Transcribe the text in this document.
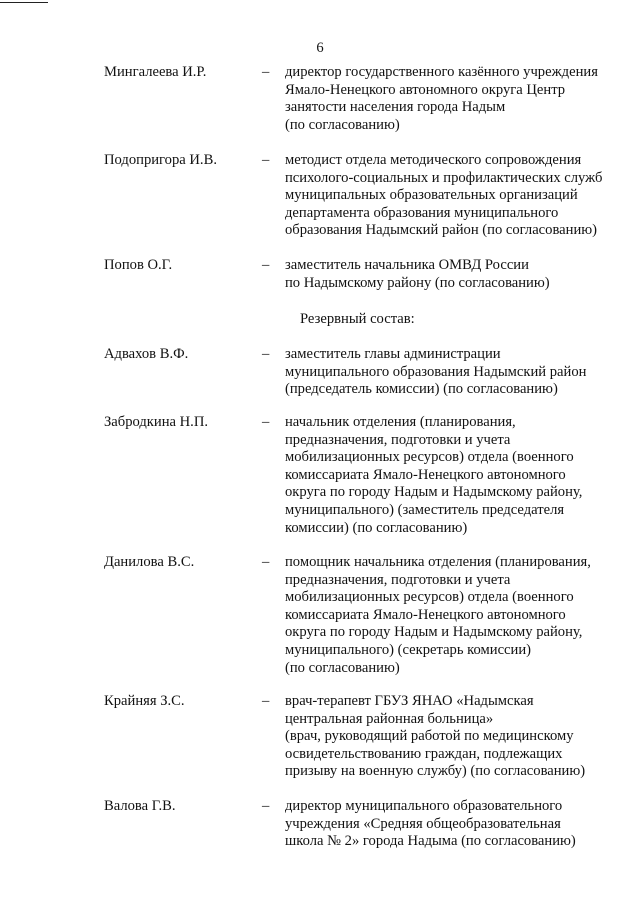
6
Мингалеева И.Р.	– директор государственного казённого учреждения
Ямало-Ненецкого автономного округа Центр
занятости населения города Надым
(по согласованию)
Подопригора И.В.	– методист отдела методического сопровождения
психолого-социальных и профилактических служб
муниципальных образовательных организаций
департамента образования муниципального
образования Надымский район (по согласованию)
Попов О.Г.	– заместитель начальника ОМВД России
по Надымскому району (по согласованию)
Резервный состав:
Адвахов В.Ф.	– заместитель главы администрации
муниципального образования Надымский район
(председатель комиссии) (по согласованию)
Забродкина Н.П.	– начальник отделения (планирования,
предназначения, подготовки и учета
мобилизационных ресурсов) отдела (военного
комиссариата Ямало-Ненецкого автономного
округа по городу Надым и Надымскому району,
муниципального) (заместитель председателя
комиссии) (по согласованию)
Данилова В.С.	– помощник начальника отделения (планирования,
предназначения, подготовки и учета
мобилизационных ресурсов) отдела (военного
комиссариата Ямало-Ненецкого автономного
округа по городу Надым и Надымскому району,
муниципального) (секретарь комиссии)
(по согласованию)
Крайняя З.С.	– врач-терапевт ГБУЗ ЯНАО «Надымская
центральная районная больница»
(врач, руководящий работой по медицинскому
освидетельствованию граждан, подлежащих
призыву на военную службу) (по согласованию)
Валова Г.В.	– директор муниципального образовательного
учреждения «Средняя общеобразовательная
школа № 2» города Надыма (по согласованию)
